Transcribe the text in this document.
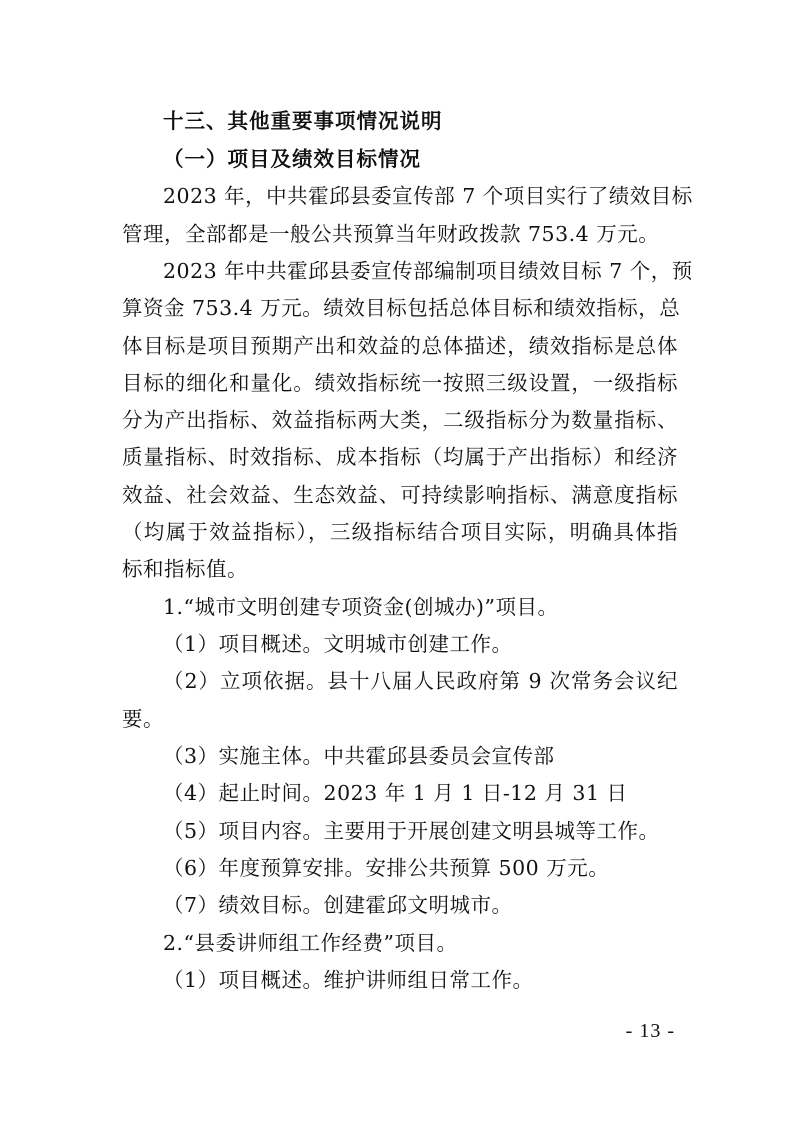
十三、其他重要事项情况说明
（一）项目及绩效目标情况
2023 年，中共霍邱县委宣传部 7 个项目实行了绩效目标
管理，全部都是一般公共预算当年财政拨款 753.4 万元。
2023 年中共霍邱县委宣传部编制项目绩效目标 7 个，预
算资金 753.4 万元。绩效目标包括总体目标和绩效指标，总
体目标是项目预期产出和效益的总体描述，绩效指标是总体
目标的细化和量化。绩效指标统一按照三级设置，一级指标
分为产出指标、效益指标两大类，二级指标分为数量指标、
质量指标、时效指标、成本指标（均属于产出指标）和经济
效益、社会效益、生态效益、可持续影响指标、满意度指标
（均属于效益指标），三级指标结合项目实际，明确具体指
标和指标值。
1.“城市文明创建专项资金(创城办)”项目。
（1）项目概述。文明城市创建工作。
（2）立项依据。县十八届人民政府第 9 次常务会议纪
要。
（3）实施主体。中共霍邱县委员会宣传部
（4）起止时间。2023 年 1 月 1 日-12 月 31 日
（5）项目内容。主要用于开展创建文明县城等工作。
（6）年度预算安排。安排公共预算 500 万元。
（7）绩效目标。创建霍邱文明城市。
2.“县委讲师组工作经费”项目。
（1）项目概述。维护讲师组日常工作。
- 13 -
